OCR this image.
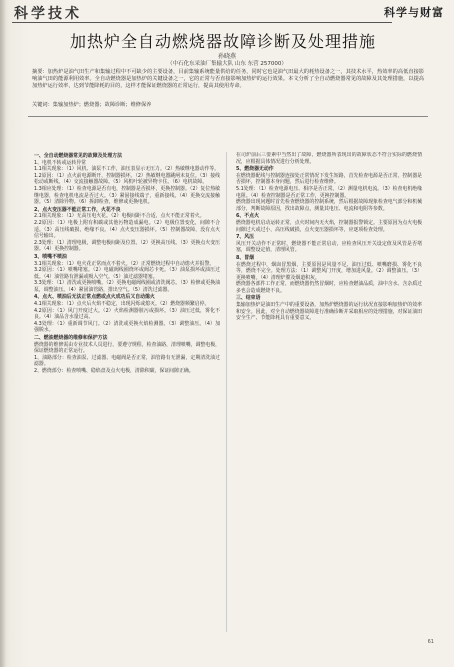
科学技术	科学与财富
加热炉全自动燃烧器故障诊断及处理措施
孙晓燕
（中石化东采油厂集输大队 山东 东营 257000）
摘要：加热炉是油气田生产和集输过程中不可缺少的主要设备，目前集输系统能量供给的任务，同时它也是油气田最大的耗热设备之一，其技术水平，热效率的高低直接影响油气田的能源利用效率。全自动燃烧器是加热炉的关键设备之一，它的正常与否直接影响加热炉的运行效果。本文分析了全自动燃烧器常见的故障及其处理措施，以提高加热炉运行效率，达到节能降耗的目的，这样才能保证燃烧器的正常运行，提高其使用寿命。
关键词：集输加热炉；燃烧器；故障诊断；维修保养

一、全自动燃烧器常见的故障及处理方法

1、电机不转或运转异常

1.1相关现象：（1）风机、油泵不工作，油压表显示无压力。（2）热敏继电器动作等。

1.2原因：（1）点火前电源断开，控制器损坏。（2）热敏继电器跳闸未复位。（3）接线松动或断线。（4）交流接触器故障。（5）风机叶轮被异物卡住。（6）电机故障。

1.3相应处理：（1）检查电源是否有电，控制器是否损坏，更换控制器。（2）复位热敏继电器，检查电机电流是否过大。（3）紧固接线端子，重新接线。（4）更换交流接触器。（5）清除异物。（6）拆卸检查，维修或更换电机。

2、点火变压器不能正常工作，火花不良

2.1相关现象：（1）无高压电火花。（2）电极间距不合适，点火不能正常着火。

2.2原因：（1）电极上附有积碳或其他污物造成漏电。（2）电极位置变化，间隙不合适。（3）高压线破损，绝缘不良。（4）点火变压器损坏。（5）控制器故障，没有点火信号输出。

2.3处理：（1）清理电极，调整电极间距及位置。（2）更换高压线。（3）更换点火变压器。（4）更换控制器。

3、喷嘴不喷油

3.1相关现象：（1）电火花正常而点不着火。（2）正常燃烧过程中自动熄火并报警。

3.2原因：（1）喷嘴堵塞。（2）电磁阀线圈烧坏或阀芯卡死。（3）油泵损坏或油压过低。（4）油管路有泄漏或吸入空气。（5）油过滤器堵塞。

3.3处理：（1）清洗或更换喷嘴。（2）更换电磁阀线圈或清洗阀芯。（3）检修或更换油泵，调整油压。（4）紧固油管路，排出空气。（5）清洗过滤器。

4、点火、喷油后无法正常点燃或点火成功后又自动熄火

4.1相关现象：（1）点火后火焰不稳定，出现闪烁或熄灭。（2）燃烧器频繁启停。

4.2原因：（1）风门开度过大。（2）火焰检测器脏污或损坏。（3）油压过低，雾化不良。（4）油品含水量过高。

4.3处理：（1）重新调节风门。（2）清洗或更换火焰检测器。（3）调整油压。（4）加强脱水。

二、燃油燃烧器的维修和保护方法

燃烧器的维修需由专业技术人员进行，要遵守规程，检查油路，清理喷嘴，调整电极，保证燃烧器的正常运行。

1、油路部分：检查油泵、过滤器、电磁阀是否正常，油管路有无泄漏，定期清洗油过滤器。

2、燃烧部分：检查喷嘴、稳焰盘及点火电极，清除积碳，保证间隙正确。

在司炉前后三要素中当然出了故障，燃烧器所表现出的故障状态不符合实际的燃烧情况，应根据具体情况进行分析处理。

5、燃烧器无动作

在燃烧器配线与控制器连接处正常情况下发生短路，首先检查电源是否正常，控制器是否损坏，控制器本身问题，然后进行检查维修。

5.1处理：（1）检查电源电压、相序是否正常。（2）测量电机电流。（3）检查电机绝缘电阻。（4）检查控制器是否正常工作，更换控制器。

燃烧器出现问题时首先检查燃烧器的控制系统，然后根据故障现象检查电气部分和机械部分，判断故障原因，找出故障点，测量其电压、电流和电阻等参数。

6、不点火

燃烧器电机启动运转正常，点火时间内无火焰，控制器报警锁定。主要原因为点火电极间隙过大或过小，高压线破损，点火变压器损坏等，应逐项检查处理。

7、风压

风压开关动作不正常时，燃烧器不能正常启动，应检查风压开关设定值及风管是否堵塞，调整设定值，清理风管。

8、冒烟

在燃烧过程中，烟囱冒黑烟，主要原因是风量不足、油压过低、喷嘴磨损、雾化不良等，燃烧不完全。处理方法：（1）调整风门开度，增加进风量。（2）调整油压。（3）更换喷嘴。（4）清理炉膛及烟道积灰。

燃烧器各部件工作正常，而燃烧器仍然冒烟时，应检查燃油品质，油中含水、含杂质过多也会造成燃烧不良。

三、结束语

集输加热炉是油田生产中的重要设备，加热炉燃烧器的运行状况直接影响加热炉的效率和安全。因此，对全自动燃烧器故障进行准确诊断并采取相应的处理措施，对保证油田安全生产、节能降耗具有重要意义。

61
